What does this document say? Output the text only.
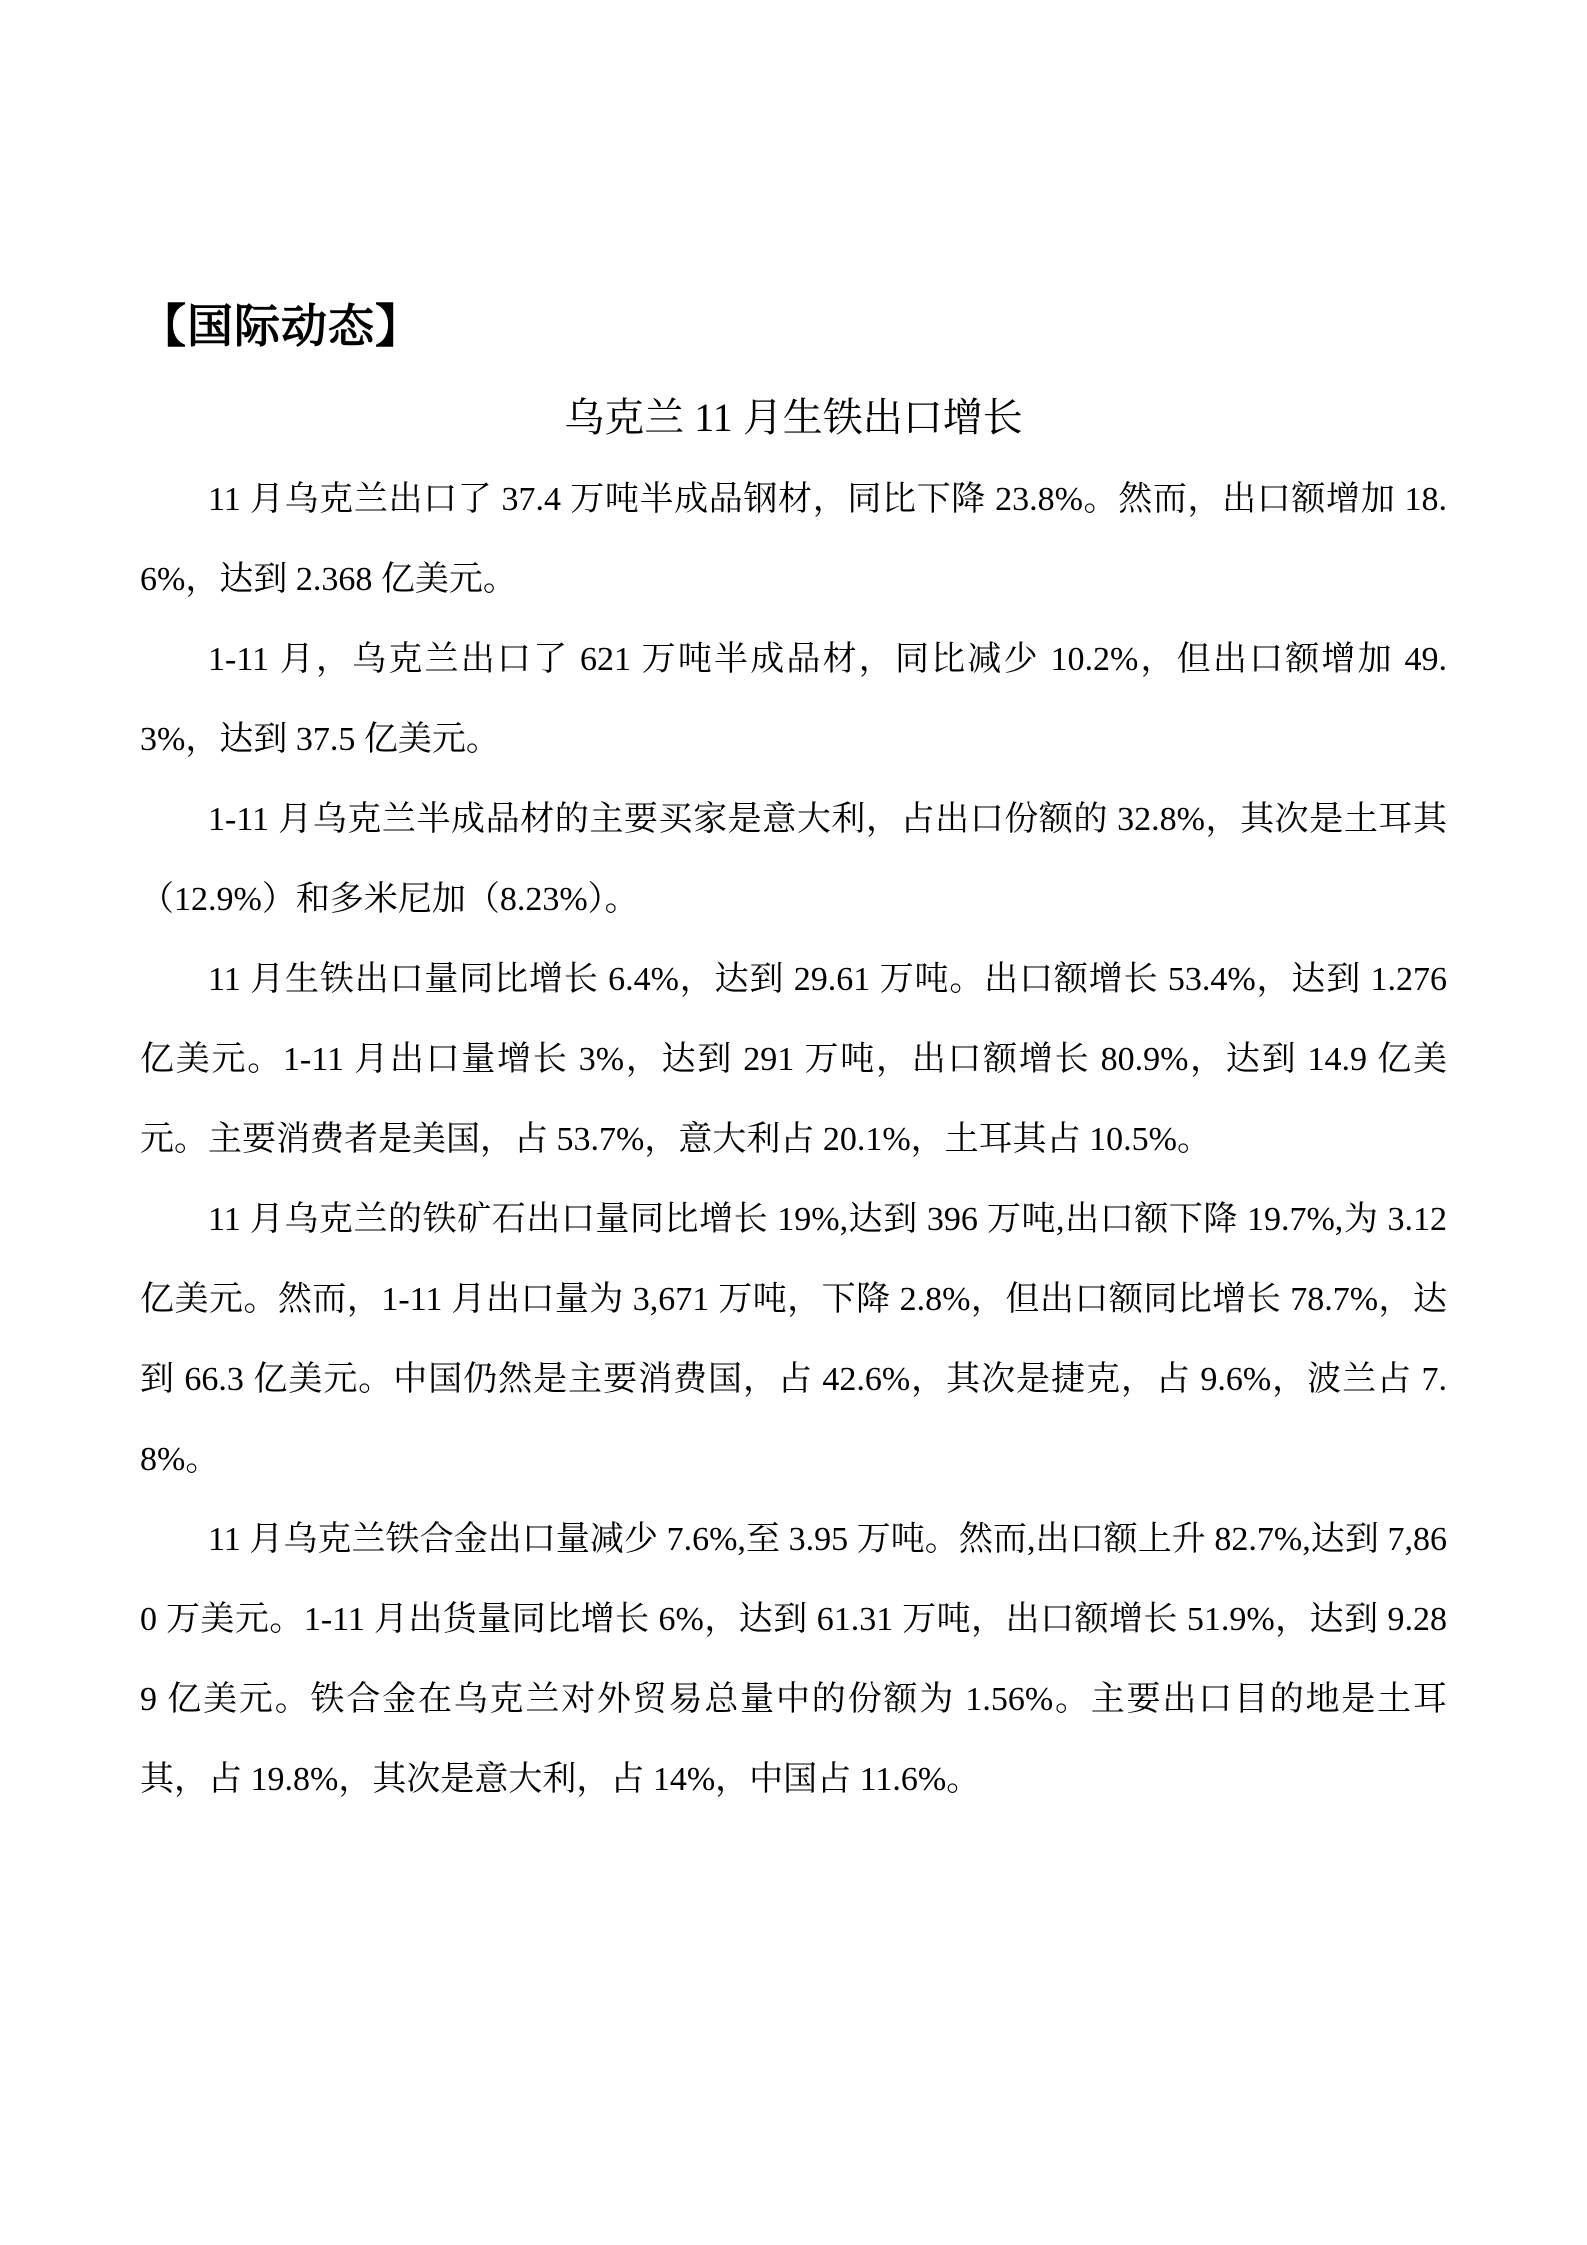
【国际动态】
乌克兰 11 月生铁出口增长

11 月乌克兰出口了 37.4 万吨半成品钢材，同比下降 23.8%。然而，出口额增加 18.6%，达到 2.368 亿美元。

1-11 月，乌克兰出口了 621 万吨半成品材，同比减少 10.2%，但出口额增加 49.3%，达到 37.5 亿美元。

1-11 月乌克兰半成品材的主要买家是意大利，占出口份额的 32.8%，其次是土耳其（12.9%）和多米尼加（8.23%）。

11 月生铁出口量同比增长 6.4%，达到 29.61 万吨。出口额增长 53.4%，达到 1.276 亿美元。1-11 月出口量增长 3%，达到 291 万吨，出口额增长 80.9%，达到 14.9 亿美元。主要消费者是美国，占 53.7%，意大利占 20.1%，土耳其占 10.5%。

11 月乌克兰的铁矿石出口量同比增长 19%,达到 396 万吨,出口额下降 19.7%,为 3.12 亿美元。然而，1-11 月出口量为 3,671 万吨，下降 2.8%，但出口额同比增长 78.7%，达到 66.3 亿美元。中国仍然是主要消费国，占 42.6%，其次是捷克，占 9.6%，波兰占 7.8%。

11 月乌克兰铁合金出口量减少 7.6%,至 3.95 万吨。然而,出口额上升 82.7%,达到 7,860 万美元。1-11 月出货量同比增长 6%，达到 61.31 万吨，出口额增长 51.9%，达到 9.289 亿美元。铁合金在乌克兰对外贸易总量中的份额为 1.56%。主要出口目的地是土耳其，占 19.8%，其次是意大利，占 14%，中国占 11.6%。
